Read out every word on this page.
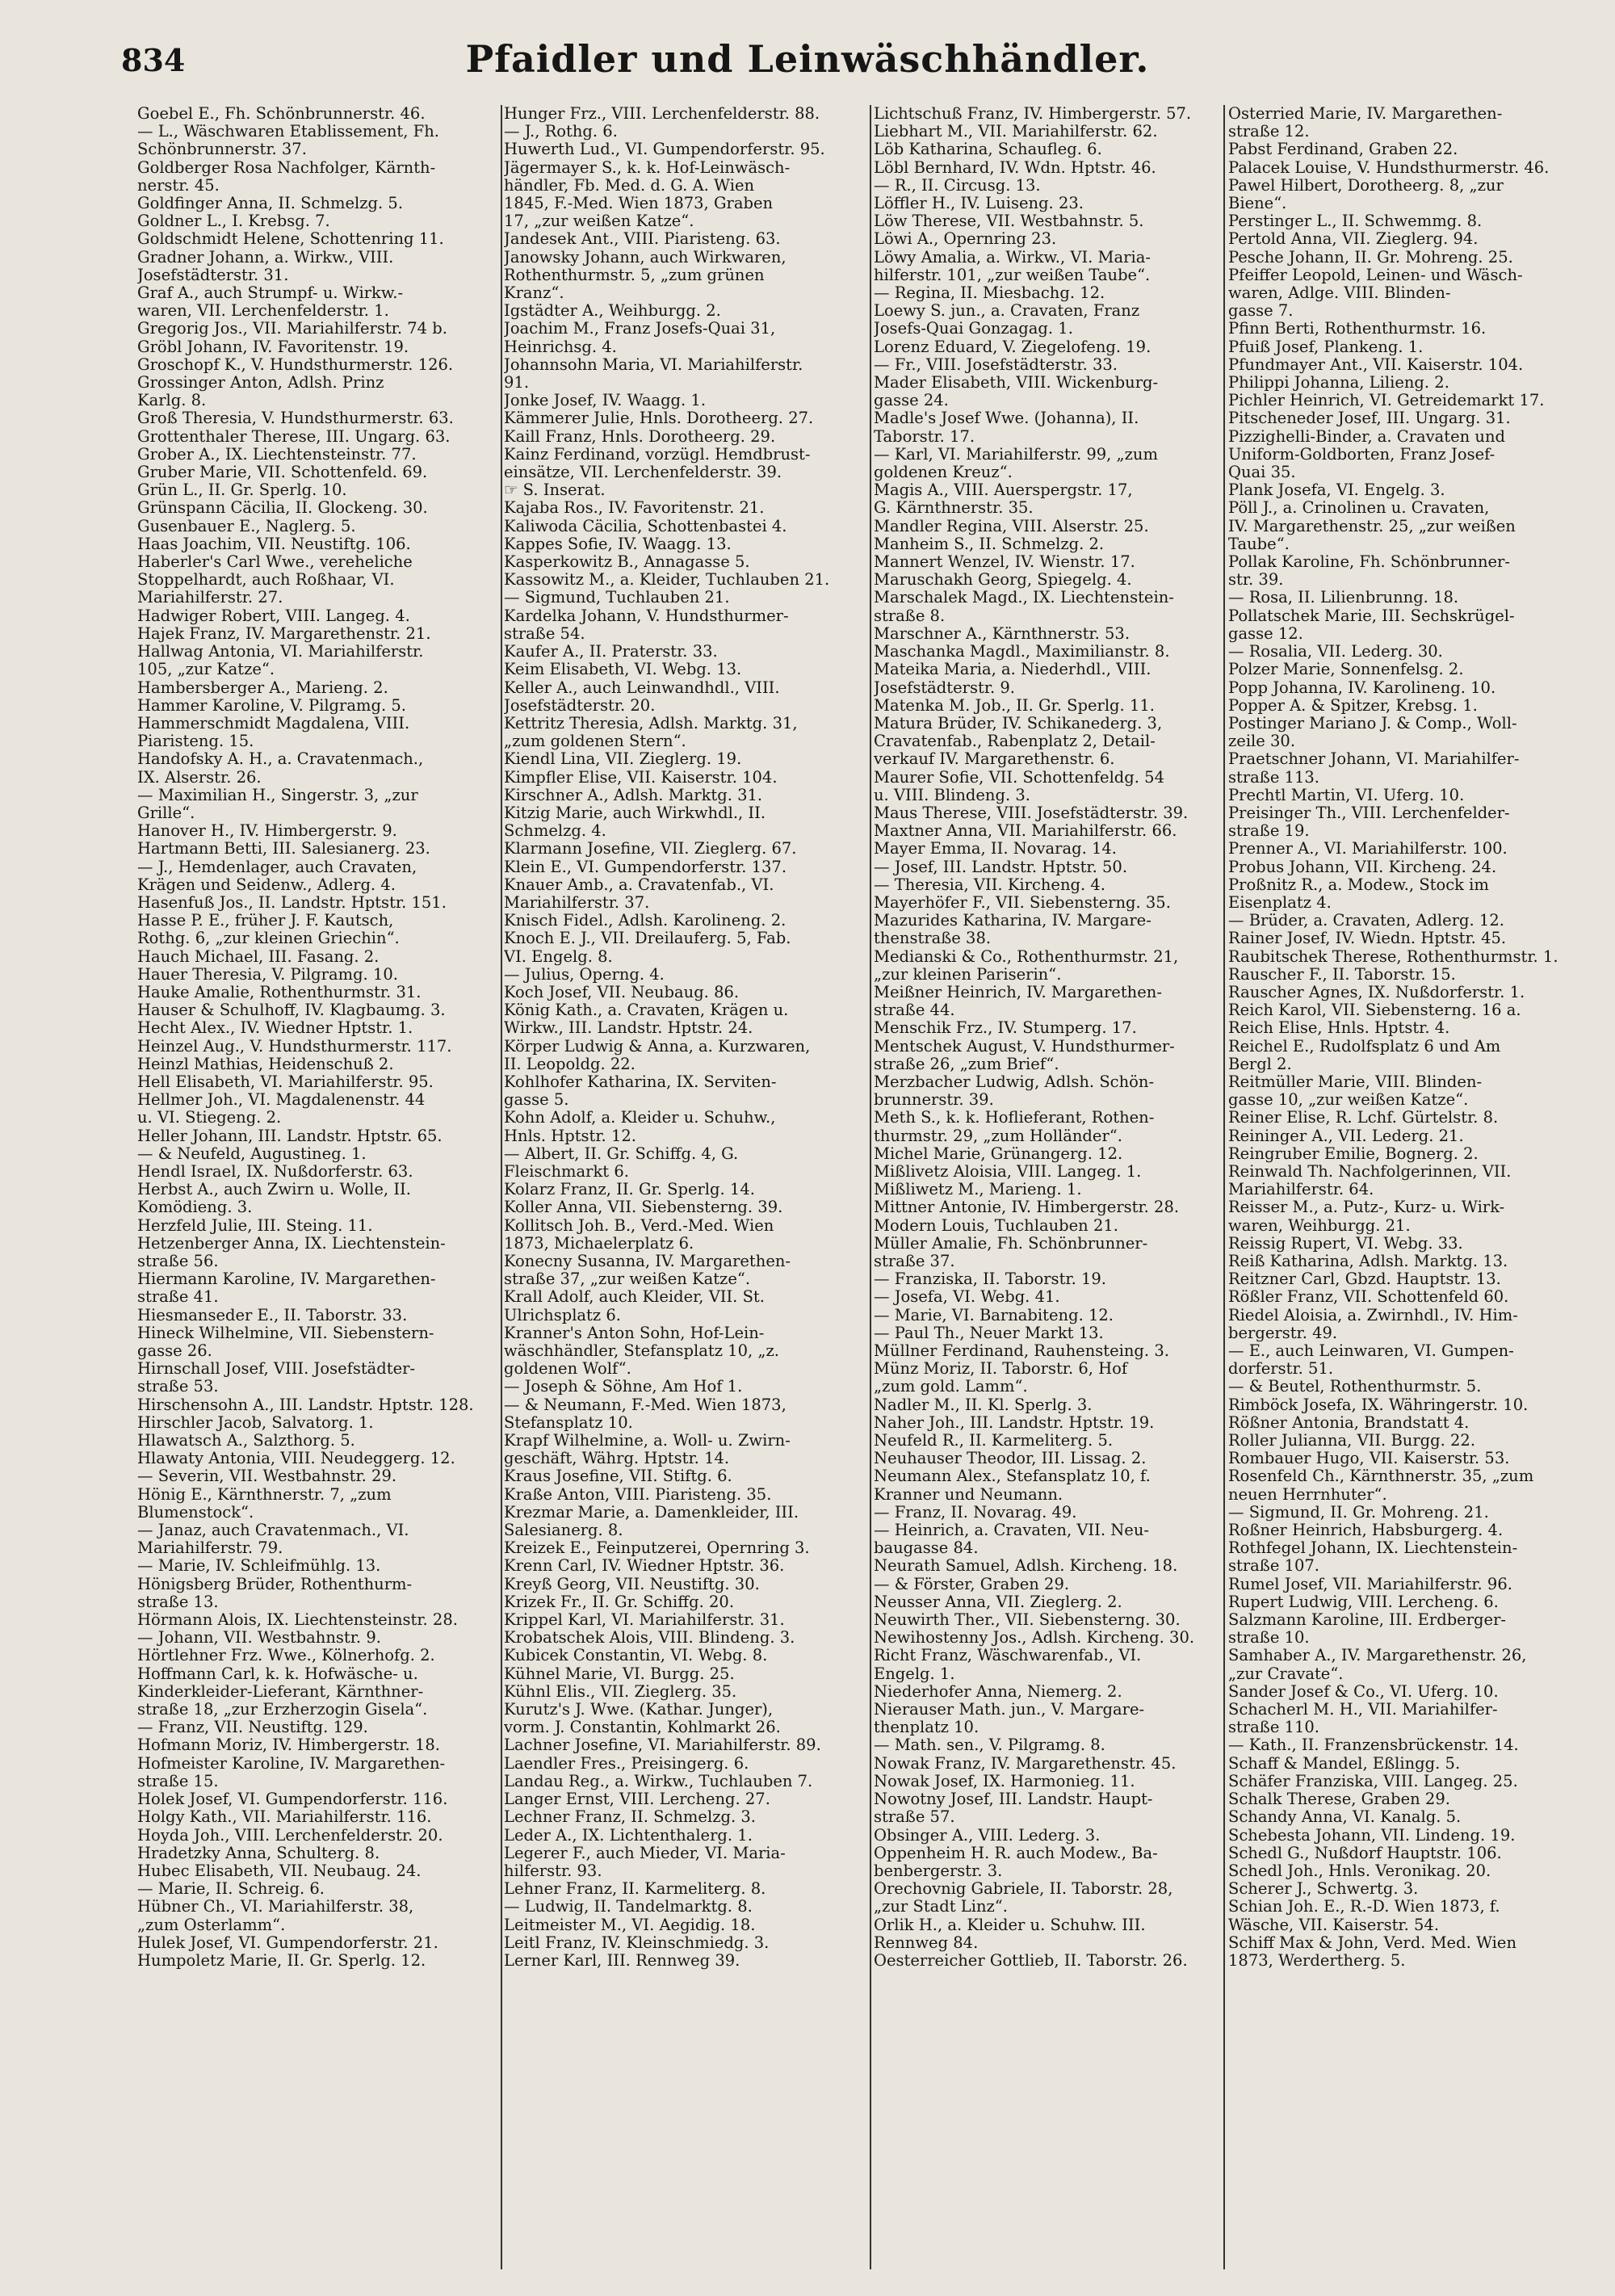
834	Pfaidler und Leinwäschhändler.
Goebel E., Fh. Schönbrunnerstr. 46.
— L., Wäschwaren Etablissement, Fh.
Schönbrunnerstr. 37.
Goldberger Rosa Nachfolger, Kärnth-
nerstr. 45.
Goldfinger Anna, II. Schmelzg. 5.
Goldner L., I. Krebsg. 7.
Goldschmidt Helene, Schottenring 11.
Gradner Johann, a. Wirkw., VIII.
Josefstädterstr. 31.
Graf A., auch Strumpf- u. Wirkw.-
waren, VII. Lerchenfelderstr. 1.
Gregorig Jos., VII. Mariahilferstr. 74 b.
Gröbl Johann, IV. Favoritenstr. 19.
Groschopf K., V. Hundsthurmerstr. 126.
Grossinger Anton, Adlsh. Prinz
Karlg. 8.
Groß Theresia, V. Hundsthurmerstr. 63.
Grottenthaler Therese, III. Ungarg. 63.
Grober A., IX. Liechtensteinstr. 77.
Gruber Marie, VII. Schottenfeld. 69.
Grün L., II. Gr. Sperlg. 10.
Grünspann Cäcilia, II. Glockeng. 30.
Gusenbauer E., Naglerg. 5.
Haas Joachim, VII. Neustiftg. 106.
Haberler's Carl Wwe., vereheliche
Stoppelhardt, auch Roßhaar, VI.
Mariahilferstr. 27.
Hadwiger Robert, VIII. Langeg. 4.
Hajek Franz, IV. Margarethenstr. 21.
Hallwag Antonia, VI. Mariahilferstr.
105, „zur Katze“.
Hambersberger A., Marieng. 2.
Hammer Karoline, V. Pilgramg. 5.
Hammerschmidt Magdalena, VIII.
Piaristeng. 15.
Handofsky A. H., a. Cravatenmach.,
IX. Alserstr. 26.
— Maximilian H., Singerstr. 3, „zur
Grille“.
Hanover H., IV. Himbergerstr. 9.
Hartmann Betti, III. Salesianerg. 23.
— J., Hemdenlager, auch Cravaten,
Krägen und Seidenw., Adlerg. 4.
Hasenfuß Jos., II. Landstr. Hptstr. 151.
Hasse P. E., früher J. F. Kautsch,
Rothg. 6, „zur kleinen Griechin“.
Hauch Michael, III. Fasang. 2.
Hauer Theresia, V. Pilgramg. 10.
Hauke Amalie, Rothenthurmstr. 31.
Hauser & Schulhoff, IV. Klagbaumg. 3.
Hecht Alex., IV. Wiedner Hptstr. 1.
Heinzel Aug., V. Hundsthurmerstr. 117.
Heinzl Mathias, Heidenschuß 2.
Hell Elisabeth, VI. Mariahilferstr. 95.
Hellmer Joh., VI. Magdalenenstr. 44
u. VI. Stiegeng. 2.
Heller Johann, III. Landstr. Hptstr. 65.
— & Neufeld, Augustineg. 1.
Hendl Israel, IX. Nußdorferstr. 63.
Herbst A., auch Zwirn u. Wolle, II.
Komödieng. 3.
Herzfeld Julie, III. Steing. 11.
Hetzenberger Anna, IX. Liechtenstein-
straße 56.
Hiermann Karoline, IV. Margarethen-
straße 41.
Hiesmanseder E., II. Taborstr. 33.
Hineck Wilhelmine, VII. Siebenstern-
gasse 26.
Hirnschall Josef, VIII. Josefstädter-
straße 53.
Hirschensohn A., III. Landstr. Hptstr. 128.
Hirschler Jacob, Salvatorg. 1.
Hlawatsch A., Salzthorg. 5.
Hlawaty Antonia, VIII. Neudeggerg. 12.
— Severin, VII. Westbahnstr. 29.
Hönig E., Kärnthnerstr. 7, „zum
Blumenstock“.
— Janaz, auch Cravatenmach., VI.
Mariahilferstr. 79.
— Marie, IV. Schleifmühlg. 13.
Hönigsberg Brüder, Rothenthurm-
straße 13.
Hörmann Alois, IX. Liechtensteinstr. 28.
— Johann, VII. Westbahnstr. 9.
Hörtlehner Frz. Wwe., Kölnerhofg. 2.
Hoffmann Carl, k. k. Hofwäsche- u.
Kinderkleider-Lieferant, Kärnthner-
straße 18, „zur Erzherzogin Gisela“.
— Franz, VII. Neustiftg. 129.
Hofmann Moriz, IV. Himbergerstr. 18.
Hofmeister Karoline, IV. Margarethen-
straße 15.
Holek Josef, VI. Gumpendorferstr. 116.
Holgy Kath., VII. Mariahilferstr. 116.
Hoyda Joh., VIII. Lerchenfelderstr. 20.
Hradetzky Anna, Schulterg. 8.
Hubec Elisabeth, VII. Neubaug. 24.
— Marie, II. Schreig. 6.
Hübner Ch., VI. Mariahilferstr. 38,
„zum Osterlamm“.
Hulek Josef, VI. Gumpendorferstr. 21.
Humpoletz Marie, II. Gr. Sperlg. 12.
Hunger Frz., VIII. Lerchenfelderstr. 88.
— J., Rothg. 6.
Huwerth Lud., VI. Gumpendorferstr. 95.
Jägermayer S., k. k. Hof-Leinwäsch-
händler, Fb. Med. d. G. A. Wien
1845, F.-Med. Wien 1873, Graben
17, „zur weißen Katze“.
Jandesek Ant., VIII. Piaristeng. 63.
Janowsky Johann, auch Wirkwaren,
Rothenthurmstr. 5, „zum grünen
Kranz“.
Igstädter A., Weihburgg. 2.
Joachim M., Franz Josefs-Quai 31,
Heinrichsg. 4.
Johannsohn Maria, VI. Mariahilferstr.
91.
Jonke Josef, IV. Waagg. 1.
Kämmerer Julie, Hnls. Dorotheerg. 27.
Kaill Franz, Hnls. Dorotheerg. 29.
Kainz Ferdinand, vorzügl. Hemdbrust-
einsätze, VII. Lerchenfelderstr. 39.
☞ S. Inserat.
Kajaba Ros., IV. Favoritenstr. 21.
Kaliwoda Cäcilia, Schottenbastei 4.
Kappes Sofie, IV. Waagg. 13.
Kasperkowitz B., Annagasse 5.
Kassowitz M., a. Kleider, Tuchlauben 21.
— Sigmund, Tuchlauben 21.
Kardelka Johann, V. Hundsthurmer-
straße 54.
Kaufer A., II. Praterstr. 33.
Keim Elisabeth, VI. Webg. 13.
Keller A., auch Leinwandhdl., VIII.
Josefstädterstr. 20.
Kettritz Theresia, Adlsh. Marktg. 31,
„zum goldenen Stern“.
Kiendl Lina, VII. Zieglerg. 19.
Kimpfler Elise, VII. Kaiserstr. 104.
Kirschner A., Adlsh. Marktg. 31.
Kitzig Marie, auch Wirkwhdl., II.
Schmelzg. 4.
Klarmann Josefine, VII. Zieglerg. 67.
Klein E., VI. Gumpendorferstr. 137.
Knauer Amb., a. Cravatenfab., VI.
Mariahilferstr. 37.
Knisch Fidel., Adlsh. Karolineng. 2.
Knoch E. J., VII. Dreilauferg. 5, Fab.
VI. Engelg. 8.
— Julius, Operng. 4.
Koch Josef, VII. Neubaug. 86.
König Kath., a. Cravaten, Krägen u.
Wirkw., III. Landstr. Hptstr. 24.
Körper Ludwig & Anna, a. Kurzwaren,
II. Leopoldg. 22.
Kohlhofer Katharina, IX. Serviten-
gasse 5.
Kohn Adolf, a. Kleider u. Schuhw.,
Hnls. Hptstr. 12.
— Albert, II. Gr. Schiffg. 4, G.
Fleischmarkt 6.
Kolarz Franz, II. Gr. Sperlg. 14.
Koller Anna, VII. Siebensterng. 39.
Kollitsch Joh. B., Verd.-Med. Wien
1873, Michaelerplatz 6.
Konecny Susanna, IV. Margarethen-
straße 37, „zur weißen Katze“.
Krall Adolf, auch Kleider, VII. St.
Ulrichsplatz 6.
Kranner's Anton Sohn, Hof-Lein-
wäschhändler, Stefansplatz 10, „z.
goldenen Wolf“.
— Joseph & Söhne, Am Hof 1.
— & Neumann, F.-Med. Wien 1873,
Stefansplatz 10.
Krapf Wilhelmine, a. Woll- u. Zwirn-
geschäft, Währg. Hptstr. 14.
Kraus Josefine, VII. Stiftg. 6.
Kraße Anton, VIII. Piaristeng. 35.
Krezmar Marie, a. Damenkleider, III.
Salesianerg. 8.
Kreizek E., Feinputzerei, Opernring 3.
Krenn Carl, IV. Wiedner Hptstr. 36.
Kreyß Georg, VII. Neustiftg. 30.
Krizek Fr., II. Gr. Schiffg. 20.
Krippel Karl, VI. Mariahilferstr. 31.
Krobatschek Alois, VIII. Blindeng. 3.
Kubicek Constantin, VI. Webg. 8.
Kühnel Marie, VI. Burgg. 25.
Kühnl Elis., VII. Zieglerg. 35.
Kurutz's J. Wwe. (Kathar. Junger),
vorm. J. Constantin, Kohlmarkt 26.
Lachner Josefine, VI. Mariahilferstr. 89.
Laendler Fres., Preisingerg. 6.
Landau Reg., a. Wirkw., Tuchlauben 7.
Langer Ernst, VIII. Lercheng. 27.
Lechner Franz, II. Schmelzg. 3.
Leder A., IX. Lichtenthalerg. 1.
Legerer F., auch Mieder, VI. Maria-
hilferstr. 93.
Lehner Franz, II. Karmeliterg. 8.
— Ludwig, II. Tandelmarktg. 8.
Leitmeister M., VI. Aegidig. 18.
Leitl Franz, IV. Kleinschmiedg. 3.
Lerner Karl, III. Rennweg 39.
Lichtschuß Franz, IV. Himbergerstr. 57.
Liebhart M., VII. Mariahilferstr. 62.
Löb Katharina, Schaufleg. 6.
Löbl Bernhard, IV. Wdn. Hptstr. 46.
— R., II. Circusg. 13.
Löffler H., IV. Luiseng. 23.
Löw Therese, VII. Westbahnstr. 5.
Löwi A., Opernring 23.
Löwy Amalia, a. Wirkw., VI. Maria-
hilferstr. 101, „zur weißen Taube“.
— Regina, II. Miesbachg. 12.
Loewy S. jun., a. Cravaten, Franz
Josefs-Quai Gonzagag. 1.
Lorenz Eduard, V. Ziegelofeng. 19.
— Fr., VIII. Josefstädterstr. 33.
Mader Elisabeth, VIII. Wickenburg-
gasse 24.
Madle's Josef Wwe. (Johanna), II.
Taborstr. 17.
— Karl, VI. Mariahilferstr. 99, „zum
goldenen Kreuz“.
Magis A., VIII. Auerspergstr. 17,
G. Kärnthnerstr. 35.
Mandler Regina, VIII. Alserstr. 25.
Manheim S., II. Schmelzg. 2.
Mannert Wenzel, IV. Wienstr. 17.
Maruschakh Georg, Spiegelg. 4.
Marschalek Magd., IX. Liechtenstein-
straße 8.
Marschner A., Kärnthnerstr. 53.
Maschanka Magdl., Maximilianstr. 8.
Mateika Maria, a. Niederhdl., VIII.
Josefstädterstr. 9.
Matenka M. Job., II. Gr. Sperlg. 11.
Matura Brüder, IV. Schikanederg. 3,
Cravatenfab., Rabenplatz 2, Detail-
verkauf IV. Margarethenstr. 6.
Maurer Sofie, VII. Schottenfeldg. 54
u. VIII. Blindeng. 3.
Maus Therese, VIII. Josefstädterstr. 39.
Maxtner Anna, VII. Mariahilferstr. 66.
Mayer Emma, II. Novarag. 14.
— Josef, III. Landstr. Hptstr. 50.
— Theresia, VII. Kircheng. 4.
Mayerhöfer F., VII. Siebensterng. 35.
Mazurides Katharina, IV. Margare-
thenstraße 38.
Medianski & Co., Rothenthurmstr. 21,
„zur kleinen Pariserin“.
Meißner Heinrich, IV. Margarethen-
straße 44.
Menschik Frz., IV. Stumperg. 17.
Mentschek August, V. Hundsthurmer-
straße 26, „zum Brief“.
Merzbacher Ludwig, Adlsh. Schön-
brunnerstr. 39.
Meth S., k. k. Hoflieferant, Rothen-
thurmstr. 29, „zum Holländer“.
Michel Marie, Grünangerg. 12.
Mißlivetz Aloisia, VIII. Langeg. 1.
Mißliwetz M., Marieng. 1.
Mittner Antonie, IV. Himbergerstr. 28.
Modern Louis, Tuchlauben 21.
Müller Amalie, Fh. Schönbrunner-
straße 37.
— Franziska, II. Taborstr. 19.
— Josefa, VI. Webg. 41.
— Marie, VI. Barnabiteng. 12.
— Paul Th., Neuer Markt 13.
Müllner Ferdinand, Rauhensteing. 3.
Münz Moriz, II. Taborstr. 6, Hof
„zum gold. Lamm“.
Nadler M., II. Kl. Sperlg. 3.
Naher Joh., III. Landstr. Hptstr. 19.
Neufeld R., II. Karmeliterg. 5.
Neuhauser Theodor, III. Lissag. 2.
Neumann Alex., Stefansplatz 10, f.
Kranner und Neumann.
— Franz, II. Novarag. 49.
— Heinrich, a. Cravaten, VII. Neu-
baugasse 84.
Neurath Samuel, Adlsh. Kircheng. 18.
— & Förster, Graben 29.
Neusser Anna, VII. Zieglerg. 2.
Neuwirth Ther., VII. Siebensterng. 30.
Newihostenny Jos., Adlsh. Kircheng. 30.
Richt Franz, Wäschwarenfab., VI.
Engelg. 1.
Niederhofer Anna, Niemerg. 2.
Nierauser Math. jun., V. Margare-
thenplatz 10.
— Math. sen., V. Pilgramg. 8.
Nowak Franz, IV. Margarethenstr. 45.
Nowak Josef, IX. Harmonieg. 11.
Nowotny Josef, III. Landstr. Haupt-
straße 57.
Obsinger A., VIII. Lederg. 3.
Oppenheim H. R. auch Modew., Ba-
benbergerstr. 3.
Orechovnig Gabriele, II. Taborstr. 28,
„zur Stadt Linz“.
Orlik H., a. Kleider u. Schuhw. III.
Rennweg 84.
Oesterreicher Gottlieb, II. Taborstr. 26.
Osterried Marie, IV. Margarethen-
straße 12.
Pabst Ferdinand, Graben 22.
Palacek Louise, V. Hundsthurmerstr. 46.
Pawel Hilbert, Dorotheerg. 8, „zur
Biene“.
Perstinger L., II. Schwemmg. 8.
Pertold Anna, VII. Zieglerg. 94.
Pesche Johann, II. Gr. Mohreng. 25.
Pfeiffer Leopold, Leinen- und Wäsch-
waren, Adlge. VIII. Blinden-
gasse 7.
Pfinn Berti, Rothenthurmstr. 16.
Pfuiß Josef, Plankeng. 1.
Pfundmayer Ant., VII. Kaiserstr. 104.
Philippi Johanna, Lilieng. 2.
Pichler Heinrich, VI. Getreidemarkt 17.
Pitscheneder Josef, III. Ungarg. 31.
Pizzighelli-Binder, a. Cravaten und
Uniform-Goldborten, Franz Josef-
Quai 35.
Plank Josefa, VI. Engelg. 3.
Pöll J., a. Crinolinen u. Cravaten,
IV. Margarethenstr. 25, „zur weißen
Taube“.
Pollak Karoline, Fh. Schönbrunner-
str. 39.
— Rosa, II. Lilienbrunng. 18.
Pollatschek Marie, III. Sechskrügel-
gasse 12.
— Rosalia, VII. Lederg. 30.
Polzer Marie, Sonnenfelsg. 2.
Popp Johanna, IV. Karolineng. 10.
Popper A. & Spitzer, Krebsg. 1.
Postinger Mariano J. & Comp., Woll-
zeile 30.
Praetschner Johann, VI. Mariahilfer-
straße 113.
Prechtl Martin, VI. Uferg. 10.
Preisinger Th., VIII. Lerchenfelder-
straße 19.
Prenner A., VI. Mariahilferstr. 100.
Probus Johann, VII. Kircheng. 24.
Proßnitz R., a. Modew., Stock im
Eisenplatz 4.
— Brüder, a. Cravaten, Adlerg. 12.
Rainer Josef, IV. Wiedn. Hptstr. 45.
Raubitschek Therese, Rothenthurmstr. 1.
Rauscher F., II. Taborstr. 15.
Rauscher Agnes, IX. Nußdorferstr. 1.
Reich Karol, VII. Siebensterng. 16 a.
Reich Elise, Hnls. Hptstr. 4.
Reichel E., Rudolfsplatz 6 und Am
Bergl 2.
Reitmüller Marie, VIII. Blinden-
gasse 10, „zur weißen Katze“.
Reiner Elise, R. Lchf. Gürtelstr. 8.
Reininger A., VII. Lederg. 21.
Reingruber Emilie, Bognerg. 2.
Reinwald Th. Nachfolgerinnen, VII.
Mariahilferstr. 64.
Reisser M., a. Putz-, Kurz- u. Wirk-
waren, Weihburgg. 21.
Reissig Rupert, VI. Webg. 33.
Reiß Katharina, Adlsh. Marktg. 13.
Reitzner Carl, Gbzd. Hauptstr. 13.
Rößler Franz, VII. Schottenfeld 60.
Riedel Aloisia, a. Zwirnhdl., IV. Him-
bergerstr. 49.
— E., auch Leinwaren, VI. Gumpen-
dorferstr. 51.
— & Beutel, Rothenthurmstr. 5.
Rimböck Josefa, IX. Währingerstr. 10.
Rößner Antonia, Brandstatt 4.
Roller Julianna, VII. Burgg. 22.
Rombauer Hugo, VII. Kaiserstr. 53.
Rosenfeld Ch., Kärnthnerstr. 35, „zum
neuen Herrnhuter“.
— Sigmund, II. Gr. Mohreng. 21.
Roßner Heinrich, Habsburgerg. 4.
Rothfegel Johann, IX. Liechtenstein-
straße 107.
Rumel Josef, VII. Mariahilferstr. 96.
Rupert Ludwig, VIII. Lercheng. 6.
Salzmann Karoline, III. Erdberger-
straße 10.
Samhaber A., IV. Margarethenstr. 26,
„zur Cravate“.
Sander Josef & Co., VI. Uferg. 10.
Schacherl M. H., VII. Mariahilfer-
straße 110.
— Kath., II. Franzensbrückenstr. 14.
Schaff & Mandel, Eßlingg. 5.
Schäfer Franziska, VIII. Langeg. 25.
Schalk Therese, Graben 29.
Schandy Anna, VI. Kanalg. 5.
Schebesta Johann, VII. Lindeng. 19.
Schedl G., Nußdorf Hauptstr. 106.
Schedl Joh., Hnls. Veronikag. 20.
Scherer J., Schwertg. 3.
Schian Joh. E., R.-D. Wien 1873, f.
Wäsche, VII. Kaiserstr. 54.
Schiff Max & John, Verd. Med. Wien
1873, Werdertherg. 5.
